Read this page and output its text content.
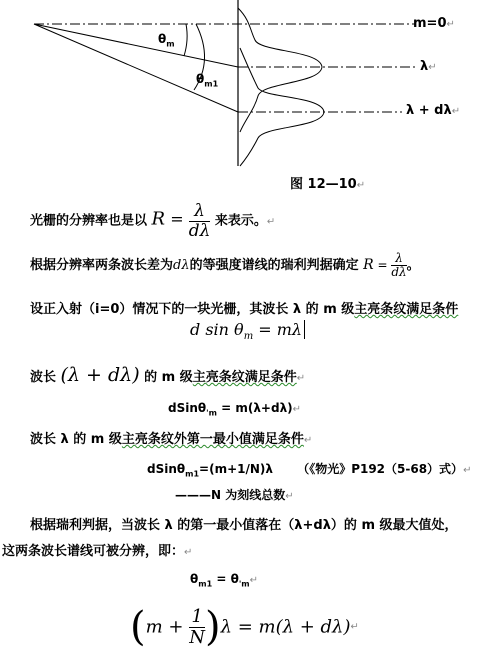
$\theta_m$
$\theta_{m1}$
m=0↵
λ↵
λ + dλ↵
图 12—10↵
光栅的分辨率也是以 $R = \frac{\lambda}{d\lambda}$ 来表示。↵
根据分辨率两条波长差为dλ的等强度谱线的瑞利判据确定 $R = \frac{\lambda}{d\lambda}$ 。
设正入射（i=0）情况下的一块光栅，其波长 λ 的 m 级主亮条纹满足条件
d $\sin \theta_m = m\lambda$
波长 (λ + dλ) 的 m 级主亮条纹满足条件↵
dSinθ$_{'m}$ = m(λ+dλ)↵
波长 λ 的 m 级主亮条纹外第一最小值满足条件↵
dSinθ$_{m1}$=(m+1/N)λ （《物光》P192（5-68）式）↵
———N 为刻线总数↵
根据瑞利判据，当波长 λ 的第一最小值落在（λ+dλ）的 m 级最大值处，
这两条波长谱线可被分辨，即：↵
$\theta_{m1}$ = $\theta_{'m}↵$
$(m + \frac{1}{N} )\lambda = m(\lambda$ + dλ)↵
